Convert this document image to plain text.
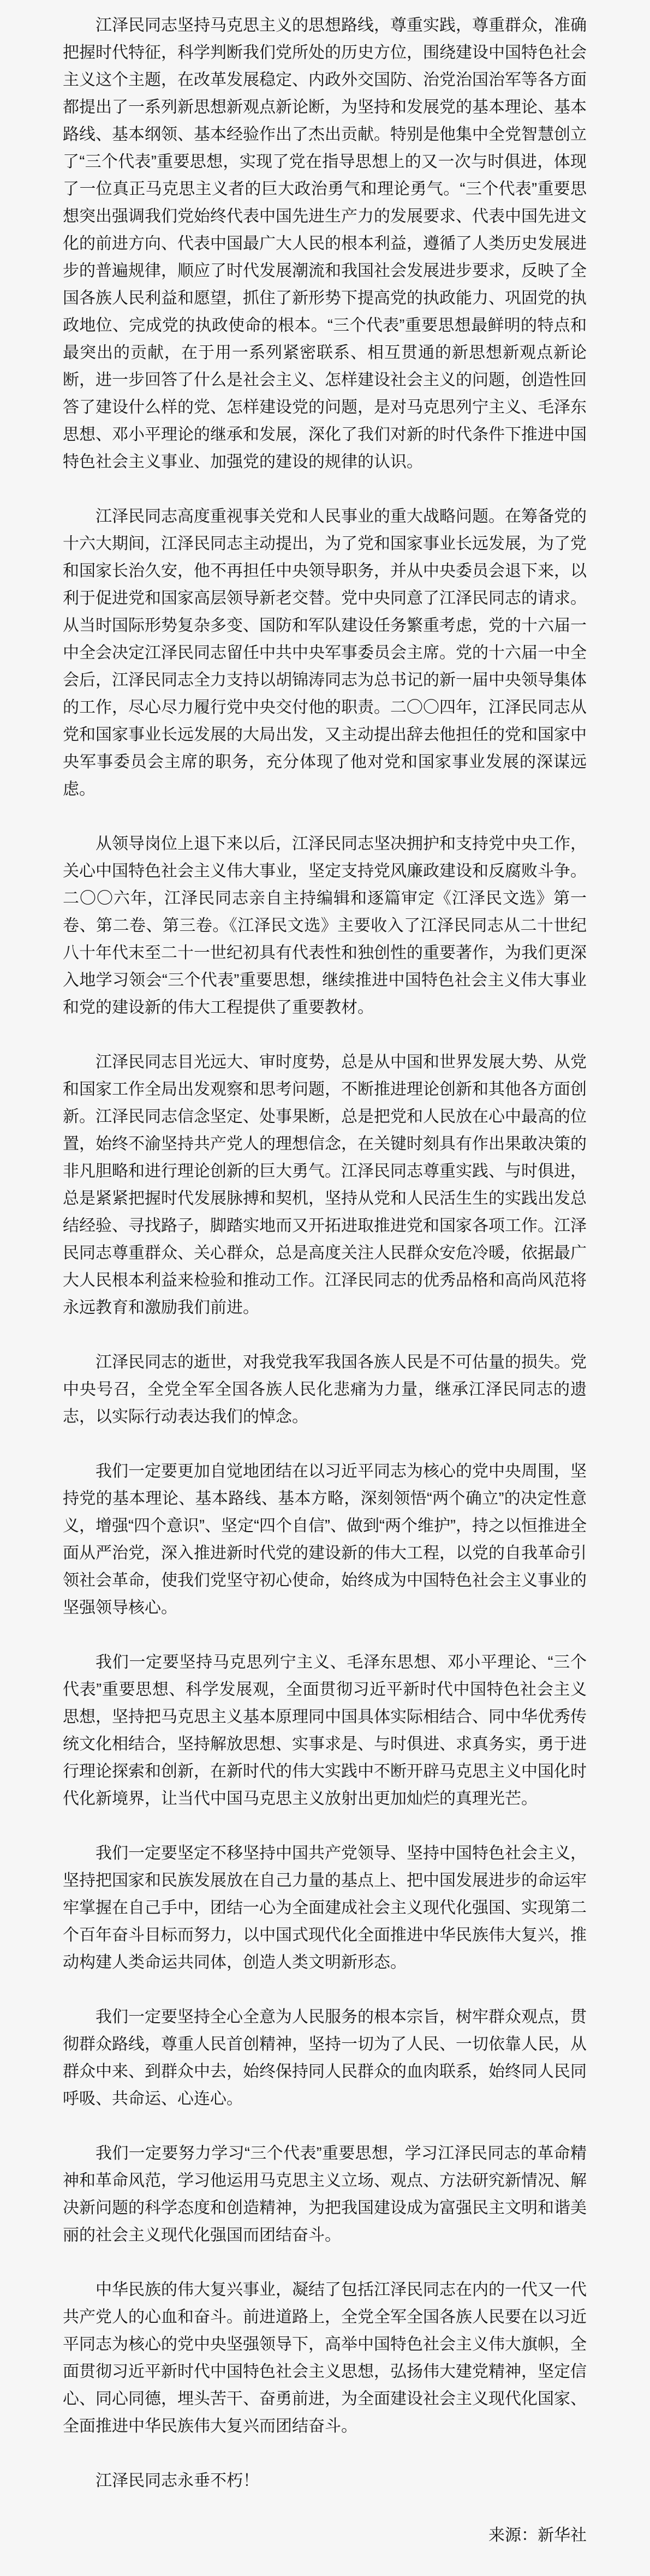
江泽民同志坚持马克思主义的思想路线，尊重实践，尊重群众，准确把握时代特征，科学判断我们党所处的历史方位，围绕建设中国特色社会主义这个主题，在改革发展稳定、内政外交国防、治党治国治军等各方面都提出了一系列新思想新观点新论断，为坚持和发展党的基本理论、基本路线、基本纲领、基本经验作出了杰出贡献。特别是他集中全党智慧创立了“三个代表”重要思想，实现了党在指导思想上的又一次与时俱进，体现了一位真正马克思主义者的巨大政治勇气和理论勇气。“三个代表”重要思想突出强调我们党始终代表中国先进生产力的发展要求、代表中国先进文化的前进方向、代表中国最广大人民的根本利益，遵循了人类历史发展进步的普遍规律，顺应了时代发展潮流和我国社会发展进步要求，反映了全国各族人民利益和愿望，抓住了新形势下提高党的执政能力、巩固党的执政地位、完成党的执政使命的根本。“三个代表”重要思想最鲜明的特点和最突出的贡献，在于用一系列紧密联系、相互贯通的新思想新观点新论断，进一步回答了什么是社会主义、怎样建设社会主义的问题，创造性回答了建设什么样的党、怎样建设党的问题，是对马克思列宁主义、毛泽东思想、邓小平理论的继承和发展，深化了我们对新的时代条件下推进中国特色社会主义事业、加强党的建设的规律的认识。

江泽民同志高度重视事关党和人民事业的重大战略问题。在筹备党的十六大期间，江泽民同志主动提出，为了党和国家事业长远发展，为了党和国家长治久安，他不再担任中央领导职务，并从中央委员会退下来，以利于促进党和国家高层领导新老交替。党中央同意了江泽民同志的请求。从当时国际形势复杂多变、国防和军队建设任务繁重考虑，党的十六届一中全会决定江泽民同志留任中共中央军事委员会主席。党的十六届一中全会后，江泽民同志全力支持以胡锦涛同志为总书记的新一届中央领导集体的工作，尽心尽力履行党中央交付他的职责。二〇〇四年，江泽民同志从党和国家事业长远发展的大局出发，又主动提出辞去他担任的党和国家中央军事委员会主席的职务，充分体现了他对党和国家事业发展的深谋远虑。

从领导岗位上退下来以后，江泽民同志坚决拥护和支持党中央工作，关心中国特色社会主义伟大事业，坚定支持党风廉政建设和反腐败斗争。二〇〇六年，江泽民同志亲自主持编辑和逐篇审定《江泽民文选》第一卷、第二卷、第三卷。《江泽民文选》主要收入了江泽民同志从二十世纪八十年代末至二十一世纪初具有代表性和独创性的重要著作，为我们更深入地学习领会“三个代表”重要思想，继续推进中国特色社会主义伟大事业和党的建设新的伟大工程提供了重要教材。

江泽民同志目光远大、审时度势，总是从中国和世界发展大势、从党和国家工作全局出发观察和思考问题，不断推进理论创新和其他各方面创新。江泽民同志信念坚定、处事果断，总是把党和人民放在心中最高的位置，始终不渝坚持共产党人的理想信念，在关键时刻具有作出果敢决策的非凡胆略和进行理论创新的巨大勇气。江泽民同志尊重实践、与时俱进，总是紧紧把握时代发展脉搏和契机，坚持从党和人民活生生的实践出发总结经验、寻找路子，脚踏实地而又开拓进取推进党和国家各项工作。江泽民同志尊重群众、关心群众，总是高度关注人民群众安危冷暖，依据最广大人民根本利益来检验和推动工作。江泽民同志的优秀品格和高尚风范将永远教育和激励我们前进。

江泽民同志的逝世，对我党我军我国各族人民是不可估量的损失。党中央号召，全党全军全国各族人民化悲痛为力量，继承江泽民同志的遗志，以实际行动表达我们的悼念。

我们一定要更加自觉地团结在以习近平同志为核心的党中央周围，坚持党的基本理论、基本路线、基本方略，深刻领悟“两个确立”的决定性意义，增强“四个意识”、坚定“四个自信”、做到“两个维护”，持之以恒推进全面从严治党，深入推进新时代党的建设新的伟大工程，以党的自我革命引领社会革命，使我们党坚守初心使命，始终成为中国特色社会主义事业的坚强领导核心。

我们一定要坚持马克思列宁主义、毛泽东思想、邓小平理论、“三个代表”重要思想、科学发展观，全面贯彻习近平新时代中国特色社会主义思想，坚持把马克思主义基本原理同中国具体实际相结合、同中华优秀传统文化相结合，坚持解放思想、实事求是、与时俱进、求真务实，勇于进行理论探索和创新，在新时代的伟大实践中不断开辟马克思主义中国化时代化新境界，让当代中国马克思主义放射出更加灿烂的真理光芒。

我们一定要坚定不移坚持中国共产党领导、坚持中国特色社会主义，坚持把国家和民族发展放在自己力量的基点上、把中国发展进步的命运牢牢掌握在自己手中，团结一心为全面建成社会主义现代化强国、实现第二个百年奋斗目标而努力，以中国式现代化全面推进中华民族伟大复兴，推动构建人类命运共同体，创造人类文明新形态。

我们一定要坚持全心全意为人民服务的根本宗旨，树牢群众观点，贯彻群众路线，尊重人民首创精神，坚持一切为了人民、一切依靠人民，从群众中来、到群众中去，始终保持同人民群众的血肉联系，始终同人民同呼吸、共命运、心连心。

我们一定要努力学习“三个代表”重要思想，学习江泽民同志的革命精神和革命风范，学习他运用马克思主义立场、观点、方法研究新情况、解决新问题的科学态度和创造精神，为把我国建设成为富强民主文明和谐美丽的社会主义现代化强国而团结奋斗。

中华民族的伟大复兴事业，凝结了包括江泽民同志在内的一代又一代共产党人的心血和奋斗。前进道路上，全党全军全国各族人民要在以习近平同志为核心的党中央坚强领导下，高举中国特色社会主义伟大旗帜，全面贯彻习近平新时代中国特色社会主义思想，弘扬伟大建党精神，坚定信心、同心同德，埋头苦干、奋勇前进，为全面建设社会主义现代化国家、全面推进中华民族伟大复兴而团结奋斗。

江泽民同志永垂不朽！

来源：新华社
